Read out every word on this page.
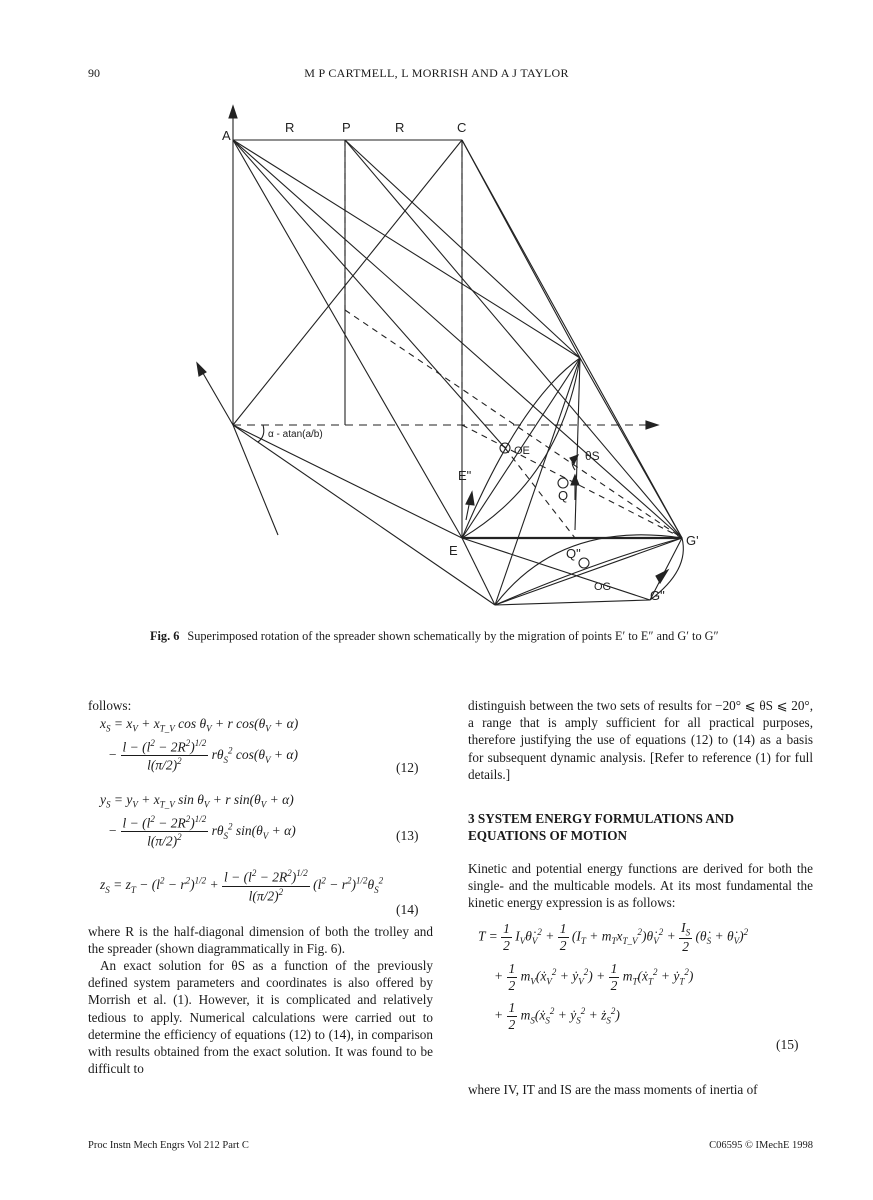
90	M P CARTMELL, L MORRISH AND A J TAYLOR
A
R	P	R	C
α - atan(a/b)
θS
OE
E"
Q
E	Q"
OG
G'
G"
Fig. 6 Superimposed rotation of the spreader shown schematically by the migration of points E′ to E″ and G′ to G″
follows:
$x_S = x_V + x_{T\_V}$ $\cos \theta_V + r$ $\cos(\theta_V + \alpha)$
− $\frac{l - (l^2 - 2R^2)^{1/2}}{l(\pi/2)^2} r\theta_S^2$ $\cos(\theta_V + \alpha)$
(12)
$y_S = y_V + x_{T\_V}$ $\sin \theta_V + r$ $\sin(\theta_V + \alpha)$
− $\frac{l - (l^2 - 2R^2)^{1/2}}{l(\pi/2)^2} r\theta_S^2$ $\sin(\theta_V + \alpha)$	(13)
$z_S = z_T - (l^2 - r^2)^{1/2} + \frac{l - (l^2 - 2R^2)^{1/2}}{l(\pi/2)^2} (l^2 - r^2)^{1/2}\theta_S^2$
(14)
where R is the half-diagonal dimension of both the trolley and the spreader (shown diagrammatically in Fig. 6).
An exact solution for θS as a function of the previously defined system parameters and coordinates is also offered by Morrish et al. (1). However, it is complicated and relatively tedious to apply. Numerical calculations were carried out to determine the efficiency of equations (12) to (14), in comparison with results obtained from the exact solution. It was found to be difficult to
distinguish between the two sets of results for −20° ⩽ θS ⩽ 20°, a range that is amply sufficient for all practical purposes, therefore justifying the use of equations (12) to (14) as a basis for subsequent dynamic analysis. [Refer to reference (1) for full details.]
3 SYSTEM ENERGY FORMULATIONS AND EQUATIONS OF MOTION
Kinetic and potential energy functions are derived for both the single- and the multicable models. At its most fundamental the kinetic energy expression is as follows:
$T = \frac{1}{2}$ $I_V\thetȧ_V^2 + \frac{1}{2} (I_T$ + $m_Tx_{T\_V}^2)\thetȧ_V^2 + \frac{I_S}{2}$ ($\thetȧ_S$ + $\thetȧ_V)^2$
+ $\frac{1}{2}$ $m_V(ẋ_V^2$ + ẏ$_V^2$) + $\frac{1}{2}$ $m_T(ẋ_T^2$ + ẏ$_T^2$)
+ $\frac{1}{2}$ $m_S(ẋ_S^2$ + ẏ$_S^2$ + $ż_S^2$)
(15)
where IV, IT and IS are the mass moments of inertia of
Proc Instn Mech Engrs Vol 212 Part C	C06595 © IMechE 1998
